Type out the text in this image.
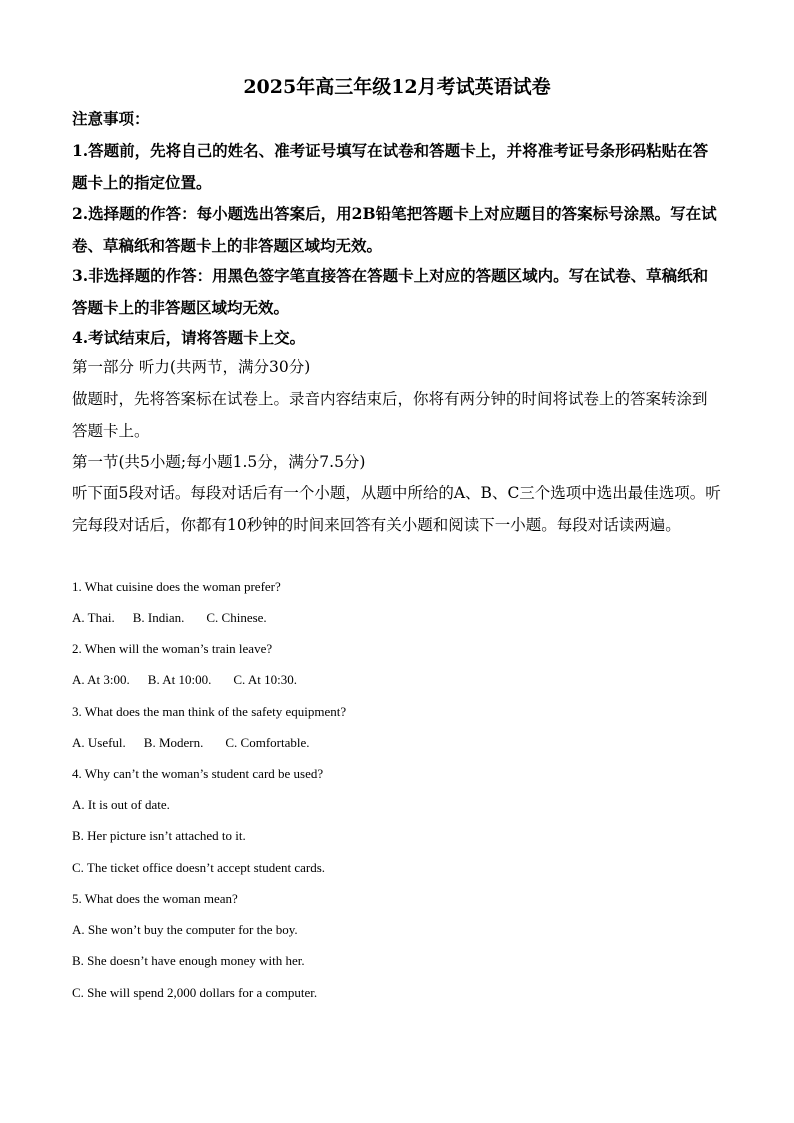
2025年高三年级12月考试英语试卷

注意事项：

1.答题前，先将自己的姓名、准考证号填写在试卷和答题卡上，并将准考证号条形码粘贴在答题卡上的指定位置。

2.选择题的作答：每小题选出答案后，用2B铅笔把答题卡上对应题目的答案标号涂黑。写在试卷、草稿纸和答题卡上的非答题区域均无效。

3.非选择题的作答：用黑色签字笔直接答在答题卡上对应的答题区域内。写在试卷、草稿纸和答题卡上的非答题区域均无效。

4.考试结束后，请将答题卡上交。

第一部分 听力(共两节，满分30分)

做题时，先将答案标在试卷上。录音内容结束后，你将有两分钟的时间将试卷上的答案转涂到答题卡上。

第一节(共5小题;每小题1.5分，满分7.5分)

听下面5段对话。每段对话后有一个小题，从题中所给的A、B、C三个选项中选出最佳选项。听完每段对话后，你都有10秒钟的时间来回答有关小题和阅读下一小题。每段对话读两遍。

1. What cuisine does the woman prefer?

A. Thai. B. Indian. C. Chinese.

2. When will the woman’s train leave?

A. At 3:00. B. At 10:00. C. At 10:30.

3. What does the man think of the safety equipment?

A. Useful. B. Modern. C. Comfortable.

4. Why can’t the woman’s student card be used?

A. It is out of date.

B. Her picture isn’t attached to it.

C. The ticket office doesn’t accept student cards.

5. What does the woman mean?

A. She won’t buy the computer for the boy.

B. She doesn’t have enough money with her.

C. She will spend 2,000 dollars for a computer.
